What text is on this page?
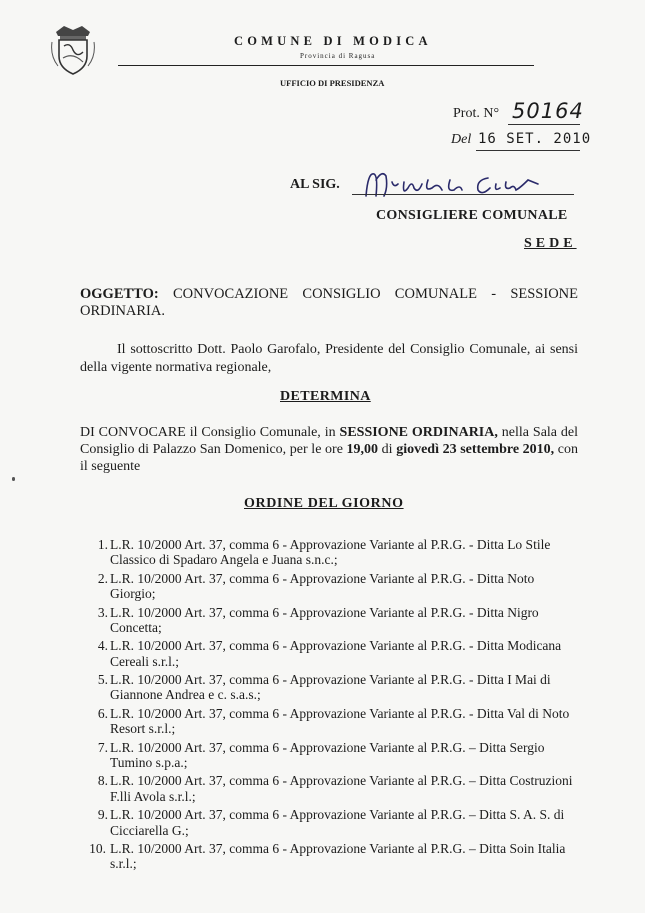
COMUNE DI MODICA
Provincia di Ragusa
UFFICIO DI PRESIDENZA
Prot. N° 50164
Del 16 SET. 2010
AL SIG.
CONSIGLIERE COMUNALE
SEDE
OGGETTO: CONVOCAZIONE CONSIGLIO COMUNALE - SESSIONE ORDINARIA.
Il sottoscritto Dott. Paolo Garofalo, Presidente del Consiglio Comunale, ai sensi della vigente normativa regionale,
DETERMINA
DI CONVOCARE il Consiglio Comunale, in SESSIONE ORDINARIA, nella Sala del Consiglio di Palazzo San Domenico, per le ore 19,00 di giovedì 23 settembre 2010, con il seguente
ORDINE DEL GIORNO
1. L.R. 10/2000 Art. 37, comma 6 - Approvazione Variante al P.R.G. - Ditta Lo Stile Classico di Spadaro Angela e Juana s.n.c.;
2. L.R. 10/2000 Art. 37, comma 6 - Approvazione Variante al P.R.G. - Ditta Noto Giorgio;
3. L.R. 10/2000 Art. 37, comma 6 - Approvazione Variante al P.R.G. - Ditta Nigro Concetta;
4. L.R. 10/2000 Art. 37, comma 6 - Approvazione Variante al P.R.G. - Ditta Modicana Cereali s.r.l.;
5. L.R. 10/2000 Art. 37, comma 6 - Approvazione Variante al P.R.G. - Ditta I Mai di Giannone Andrea e c. s.a.s.;
6. L.R. 10/2000 Art. 37, comma 6 - Approvazione Variante al P.R.G. - Ditta Val di Noto Resort s.r.l.;
7. L.R. 10/2000 Art. 37, comma 6 - Approvazione Variante al P.R.G. – Ditta Sergio Tumino s.p.a.;
8. L.R. 10/2000 Art. 37, comma 6 - Approvazione Variante al P.R.G. – Ditta Costruzioni F.lli Avola s.r.l.;
9. L.R. 10/2000 Art. 37, comma 6 - Approvazione Variante al P.R.G. – Ditta S. A. S. di Cicciarella G.;
10. L.R. 10/2000 Art. 37, comma 6 - Approvazione Variante al P.R.G. – Ditta Soin Italia s.r.l.;
